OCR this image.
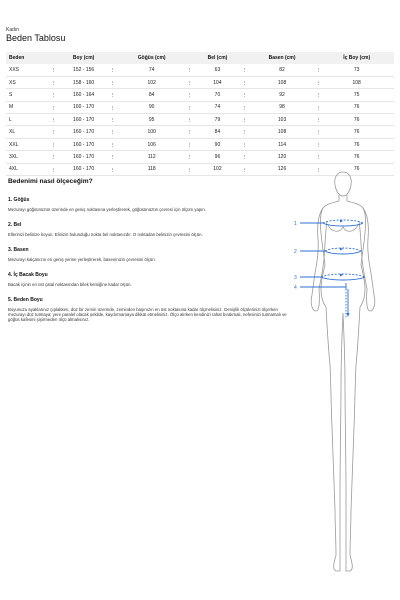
Kadın
Beden Tablosu
Beden	Boy (cm)	Göğüs (cm)	Bel (cm)	Basen (cm)	İç Boy (cm)
XXS	152 - 156	74	63	82	73
XS	158 - 160	102	104	108	108
S	160 - 164	84	70	92	75
M	160 - 170	90	74	98	76
L	160 - 170	95	79	103	76
XL	160 - 170	100	84	108	76
XXL	160 - 170	106	90	114	76
3XL	160 - 170	112	96	120	76
4XL	160 - 170	118	102	126	76
Bedenimi nasıl ölçeceğim?
1. Göğüs
Mezurayı göğsünüzün üzerinde en geniş noktasına yerleştirerek, göğüsünüzün çevresi için ölçüm yapın.
2. Bel
Ellerinizi belinize koyun. Elinizin bulunduğu nokta bel noktanızdır. O noktadan belinizin çevresini ölçün.
3. Basen
Mezurayı kalçanızın en geniş yerine yerleştirerek, baseninizin çevresini ölçün.
4. İç Bacak Boyu
Bacak içinin en üst çatal noktasından bilek kemiğine kadar ölçün.
5. Beden Boyu
Boyunuzu ayaklarınız çıplakken, düz bir zemin üzerinde, zeminden başınızın en üst noktasına kadar ölçmelisiniz. Genişlik ölçülerinizi ölçerken mezurayı düz tutmaya; yere paralel olacak şekilde, kaydırmamaya dikkat etmelisiniz. Ölçü alırken kendinizi rahat bırakmalı, nefesinizi tutmamalı ve göğüs kafesini şişirmeden ölçü almalısınız.
1
2
3
4
